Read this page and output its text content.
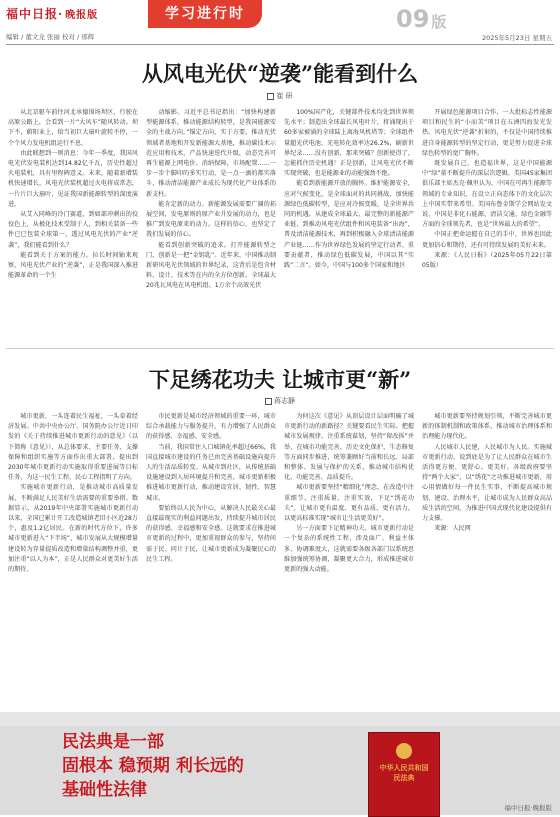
福中日报· 晚报版	学习进行时
编辑 / 董文龙 张丽 校对 / 邢辉
09 版
2025年5月23日 星期五
从风电光伏“逆袭”能看到什么
崔 研

从北京驱车前往河北承德围场坝区，行驶在高原公路上，会看到一片“大风车”随风转动。坝下不，蔚阳业上，给当初巨大扇叶旋转不停，一个个风力发电机组运行不息。

由此联想到一则消息：今年一季度，我国风电光伏发电装机达到14.82亿千瓦，历史性超过火电装机，具有里程碑意义。未来，随着新增装机快速增长，风电光伏装机超过火电将成常态，一片片巨大扇叶，见证我国新能源转型的深度演进。

从艾入同峰的冷门赛道，到如部冲刺出的佼佼色上，从极化技术受制于人，到相关装备一些件已已包装全球第一，透过风电光伏的产业“逆袭”，我们能看到什么？

能看到关于方案的能力。拉长时间轴来观察，风电光伏产业的“逆袭”，正是我国深入推进能源革命的一个生

动缩影。习近平总书记指出：“加快构建新型能源体系，推动能源结构转型，是我国能源安全的主战方向。”锚定方向，实于方要。推动光伏领域者基地和开发新能源大基地，推动碳技术示范应用和技术，产品快速迭代升级，动态完善可再生能源上网电价、消纳保障、市场配置……一步一步个脚印的多实行动，是一点一滴的都实落斗，推动清洁能源产业成长为现代化产业体系的新支柱。

能肯定新的动力。新能源发展需要广阔的拓展空间，发电原则的原产业升发展的动力，也是推广到发电原来的动力。这样的信心，也坚定了我们发展的信心。

能看到创新突破的追求。打开能源转型之门，创新是一把“金钥匙”。近年来，中国推动制新研风电光伏领域的世界纪录，这背后是包含材料、设计、技术等在内的全方位创新。全球最大20兆瓦风电在风电机组、1万余个高效光伏

100%国产化，关键部件技术均处到世界领先水平；制造出全球最长风电叶片，将涌现出于60多家被涌的全球陆上离海风机塔等；全球组件量超光伏电池、光电转化效率达26.2%，刷新世界纪录……没有创新，那来突破？创新使得了，怎能抓住历史机遇！正是创新，让风电光伏不断实现突破，也是能源业的动能强劲不绝。

能看到新能源开放的胸怀。维护能源安全，应对气候变化，是全球面对的共同挑战，加快能源绿色低碳转型，是应对冷候变暖，是全世界共同的机遇。从建成全球最大、最完整的新能源产业链，到推动风电光伏组件和风电装备“出海”，普及清洁能源技术，再到积极融入全球清洁能源产业链……作为世界绿色发展的坚定行动者、重要贡献者，推动绿色低碳发展，中国以其“实践”二言”。如今，中国与100多个国家和地区

开展绿色能源项目合作，一大批标志性能源项目和民生的“小而美”项目在五洲四海发光发热。风电光伏“逆袭”折射的，不仅是中国持续推进自身能源转型的坚定行动，更是努力促进全球绿色转型的宽广胸怀。

既发展自己，也造福世界，这是中国能源中“绿”量不断提升的深层次逻辑。美国4S家集团俱乐部主席杰克·佩里认为，中国在可再生能源等领域的专业知识、在设立正向态体下的文化层次上中国实带来希望。美国布鲁金斯学会网站发文说，中国是非化石能源、清洁交通、绿色金融等方面的全球领先者，也是“世界最大的希望”。

中国正把命运握在自己的手中，世界也因此更加信心和期待，还有可持续发展的美好未来。

来源：《人民日报》（2025年05月22日第05版）

下足绣花功夫 让城市更“新”
蒋志静

城市更新，一头连着民生福祉，一头牵着经济发展。中共中央办公厅、国务院办公厅近日印发的《关于持续推进城市更新行动的意见》（以下简称《意见》），从总体要求、主要任务、支撑保障和组织实施等方面作出重大部署，提出到2030年城市更新行动实施取得重要进展等目标任务，为这一民生工程、民心工程指明了方向。

实施城市更新行动，是推动城市高质量发展、不断满足人民美好生活需要的重要举措。数据显示，从2019年中央部署实施城市更新行动以来，全国已累计开工改造城镇老旧小区近28万个，惠及1.2亿居民。在新的时代方位下，许多城市更新进入“下半场”，城市发展从大规模增量建设转为存量提质改造和增量结构调整并重，更加注重“以人为本”，正是人民群众对更美好生活的期待。

市民更新是城市经济领域的重要一环，城市综合承载能力与服务提升，有力增强了人民群众的获得感、幸福感、安全感。

当前，我国常住人口城镇化率超过66%，我国直接城市建设的任务已由完善基础设施向提升人的生活品质转变。从城市到社区，从传统基础设施建设到人居环境提升和完善，城市更新积极推进城市更新行动，推动建设宜居、韧性、智慧城市。

要始终以人民为中心，从解决人民最关心最直接最现实的利益问题出发，持续提升城市居民的获得感、幸福感和安全感。这就要求在推进城市更新的过程中，更加重视群众的参与，坚持问需于民、问计于民，让城市更新成为凝聚民心的民生工程。

为何这次《意见》从顶层设计层面明确了城市更新行动的新路径？关键要看民生实际。把握城市发展规律，注重系统谋划，坚持“留改拆”并举，在城市功能完善、历史文化保护、生态修复等方面同步推进，统筹兼顾好当前和长远、局部和整体、发展与保护的关系，推动城市结构优化、功能完善、品质提升。

城市更新要坚持“精细化”理念，在改造中注重细节、注重质量、注重实效，下足“绣花功夫”，让城市更有温度、更有品质、更有活力，以更高标准实现“城市让生活更美好”。

另一方面要下足精神功夫。城市更新行动是一个复杂的系统性工程，涉及面广、利益主体多、协调难度大，这就需要各级各部门以系统思维加强统筹协调，凝聚更大合力，形成推进城市更新的强大动能。

城市更新要坚持规划引领，不断完善城市更新的体制机制和政策体系，推动城市治理体系和治理能力现代化。

人民城市人民建，人民城市为人民。实施城市更新行动，说到底是为了让人民群众在城市生活得更方便、更舒心、更美好。各级政府要坚持“两个大家”，以“绣花”之功推进城市更新，用心用情做好每一件民生实事，不断提高城市规划、建设、治理水平，让城市成为人民群众高品质生活的空间，为推进中国式现代化建设提供有力支撑。

来源：人民网

民法典是一部
固根本 稳预期 利长远的
基础性法律
中华人民共和国
民法典
福中日报·晚报版
